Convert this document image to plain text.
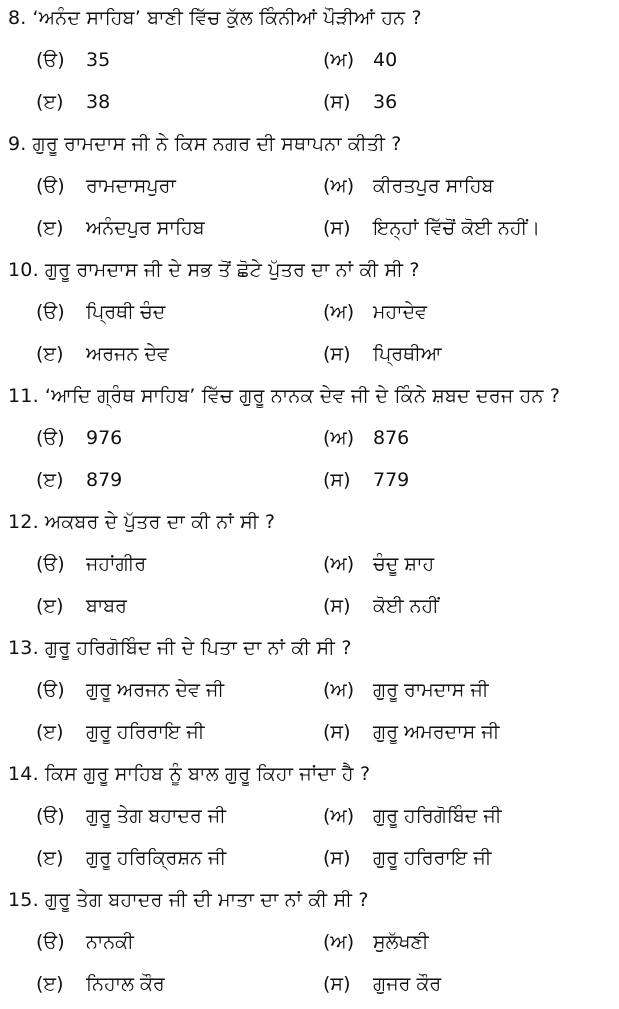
8. ‘ਅਨੰਦ ਸਾਹਿਬ’ ਬਾਣੀ ਵਿੱਚ ਕੁੱਲ ਕਿੰਨੀਆਂ ਪੌੜੀਆਂ ਹਨ ?
(ੳ) 35	(ਅ) 40
(ੲ) 38	(ਸ) 36
9. ਗੁਰੂ ਰਾਮਦਾਸ ਜੀ ਨੇ ਕਿਸ ਨਗਰ ਦੀ ਸਥਾਪਨਾ ਕੀਤੀ ?
(ੳ) ਰਾਮਦਾਸਪੁਰਾ	(ਅ) ਕੀਰਤਪੁਰ ਸਾਹਿਬ
(ੲ) ਅਨੰਦਪੁਰ ਸਾਹਿਬ	(ਸ) ਇਨ੍ਹਾਂ ਵਿੱਚੋਂ ਕੋਈ ਨਹੀਂ।
10. ਗੁਰੂ ਰਾਮਦਾਸ ਜੀ ਦੇ ਸਭ ਤੋਂ ਛੋਟੇ ਪੁੱਤਰ ਦਾ ਨਾਂ ਕੀ ਸੀ ?
(ੳ) ਪ੍ਰਿਥੀ ਚੰਦ	(ਅ) ਮਹਾਦੇਵ
(ੲ) ਅਰਜਨ ਦੇਵ	(ਸ) ਪ੍ਰਿਥੀਆ
11. ‘ਆਦਿ ਗ੍ਰੰਥ ਸਾਹਿਬ’ ਵਿੱਚ ਗੁਰੂ ਨਾਨਕ ਦੇਵ ਜੀ ਦੇ ਕਿੰਨੇ ਸ਼ਬਦ ਦਰਜ ਹਨ ?
(ੳ) 976	(ਅ) 876
(ੲ) 879	(ਸ) 779
12. ਅਕਬਰ ਦੇ ਪੁੱਤਰ ਦਾ ਕੀ ਨਾਂ ਸੀ ?
(ੳ) ਜਹਾਂਗੀਰ	(ਅ) ਚੰਦੂ ਸ਼ਾਹ
(ੲ) ਬਾਬਰ	(ਸ) ਕੋਈ ਨਹੀਂ
13. ਗੁਰੂ ਹਰਿਗੋਬਿੰਦ ਜੀ ਦੇ ਪਿਤਾ ਦਾ ਨਾਂ ਕੀ ਸੀ ?
(ੳ) ਗੁਰੂ ਅਰਜਨ ਦੇਵ ਜੀ	(ਅ) ਗੁਰੂ ਰਾਮਦਾਸ ਜੀ
(ੲ) ਗੁਰੂ ਹਰਿਰਾਇ ਜੀ	(ਸ) ਗੁਰੂ ਅਮਰਦਾਸ ਜੀ
14. ਕਿਸ ਗੁਰੂ ਸਾਹਿਬ ਨੂੰ ਬਾਲ ਗੁਰੂ ਕਿਹਾ ਜਾਂਦਾ ਹੈ ?
(ੳ) ਗੁਰੂ ਤੇਗ ਬਹਾਦਰ ਜੀ	(ਅ) ਗੁਰੂ ਹਰਿਗੋਬਿੰਦ ਜੀ
(ੲ) ਗੁਰੂ ਹਰਿਕ੍ਰਿਸ਼ਨ ਜੀ	(ਸ) ਗੁਰੂ ਹਰਿਰਾਇ ਜੀ
15. ਗੁਰੂ ਤੇਗ ਬਹਾਦਰ ਜੀ ਦੀ ਮਾਤਾ ਦਾ ਨਾਂ ਕੀ ਸੀ ?
(ੳ) ਨਾਨਕੀ	(ਅ) ਸੁਲੱਖਣੀ
(ੲ) ਨਿਹਾਲ ਕੌਰ	(ਸ) ਗੁਜਰ ਕੌਰ
